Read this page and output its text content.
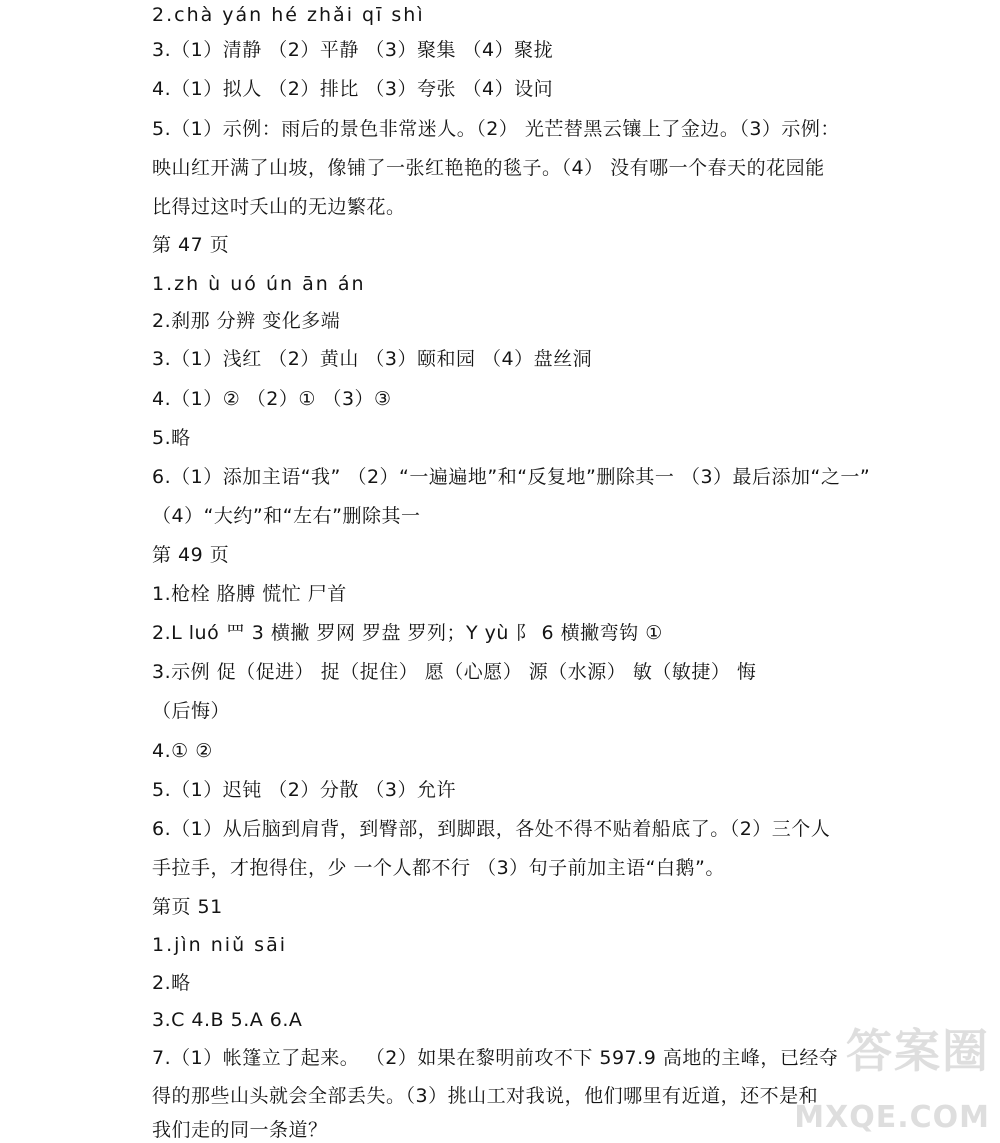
2.chà yán hé zhǎi qī shì
3.（1）清静 （2）平静 （3）聚集 （4）聚拢
4.（1）拟人 （2）排比 （3）夸张 （4）设问
5.（1）示例：雨后的景色非常迷人。（2） 光芒替黑云镶上了金边。（3）示例：
映山红开满了山坡，像铺了一张红艳艳的毯子。（4） 没有哪一个春天的花园能
比得过这吋夭山的无边繁花。
第 47 页
1.zh ù uó ún ān án
2.刹那 分辨 变化多端
3.（1）浅红 （2）黄山 （3）颐和园 （4）盘丝洞
4.（1）② （2）① （3）③
5.略
6.（1）添加主语“我” （2）“一遍遍地”和“反复地”删除其一 （3）最后添加“之一”
（4）“大约”和“左右”删除其一
第 49 页
1.枪栓 胳膊 慌忙 尸首
2.L luó 罒 3 横撇 罗网 罗盘 罗列；Y yù 阝 6 横撇弯钩 ①
3.示例 促（促进） 捉（捉住） 愿（心愿） 源（水源） 敏（敏捷） 悔
（后悔）
4.① ②
5.（1）迟钝 （2）分散 （3）允许
6.（1）从后脑到肩背，到臀部，到脚跟，各处不得不贴着船底了。（2）三个人
手拉手，才抱得住，少 一个人都不行 （3）句子前加主语“白鹅”。
第页 51
1.jìn niǔ sāi
2.略
3.C 4.B 5.A 6.A
7.（1）帐篷立了起来。 （2）如果在黎明前攻不下 597.9 高地的主峰，已经夺
得的那些山头就会全部丢失。（3）挑山工对我说，他们哪里有近道，还不是和
我们走的同一条道？
答案圈
MXQE.COM
